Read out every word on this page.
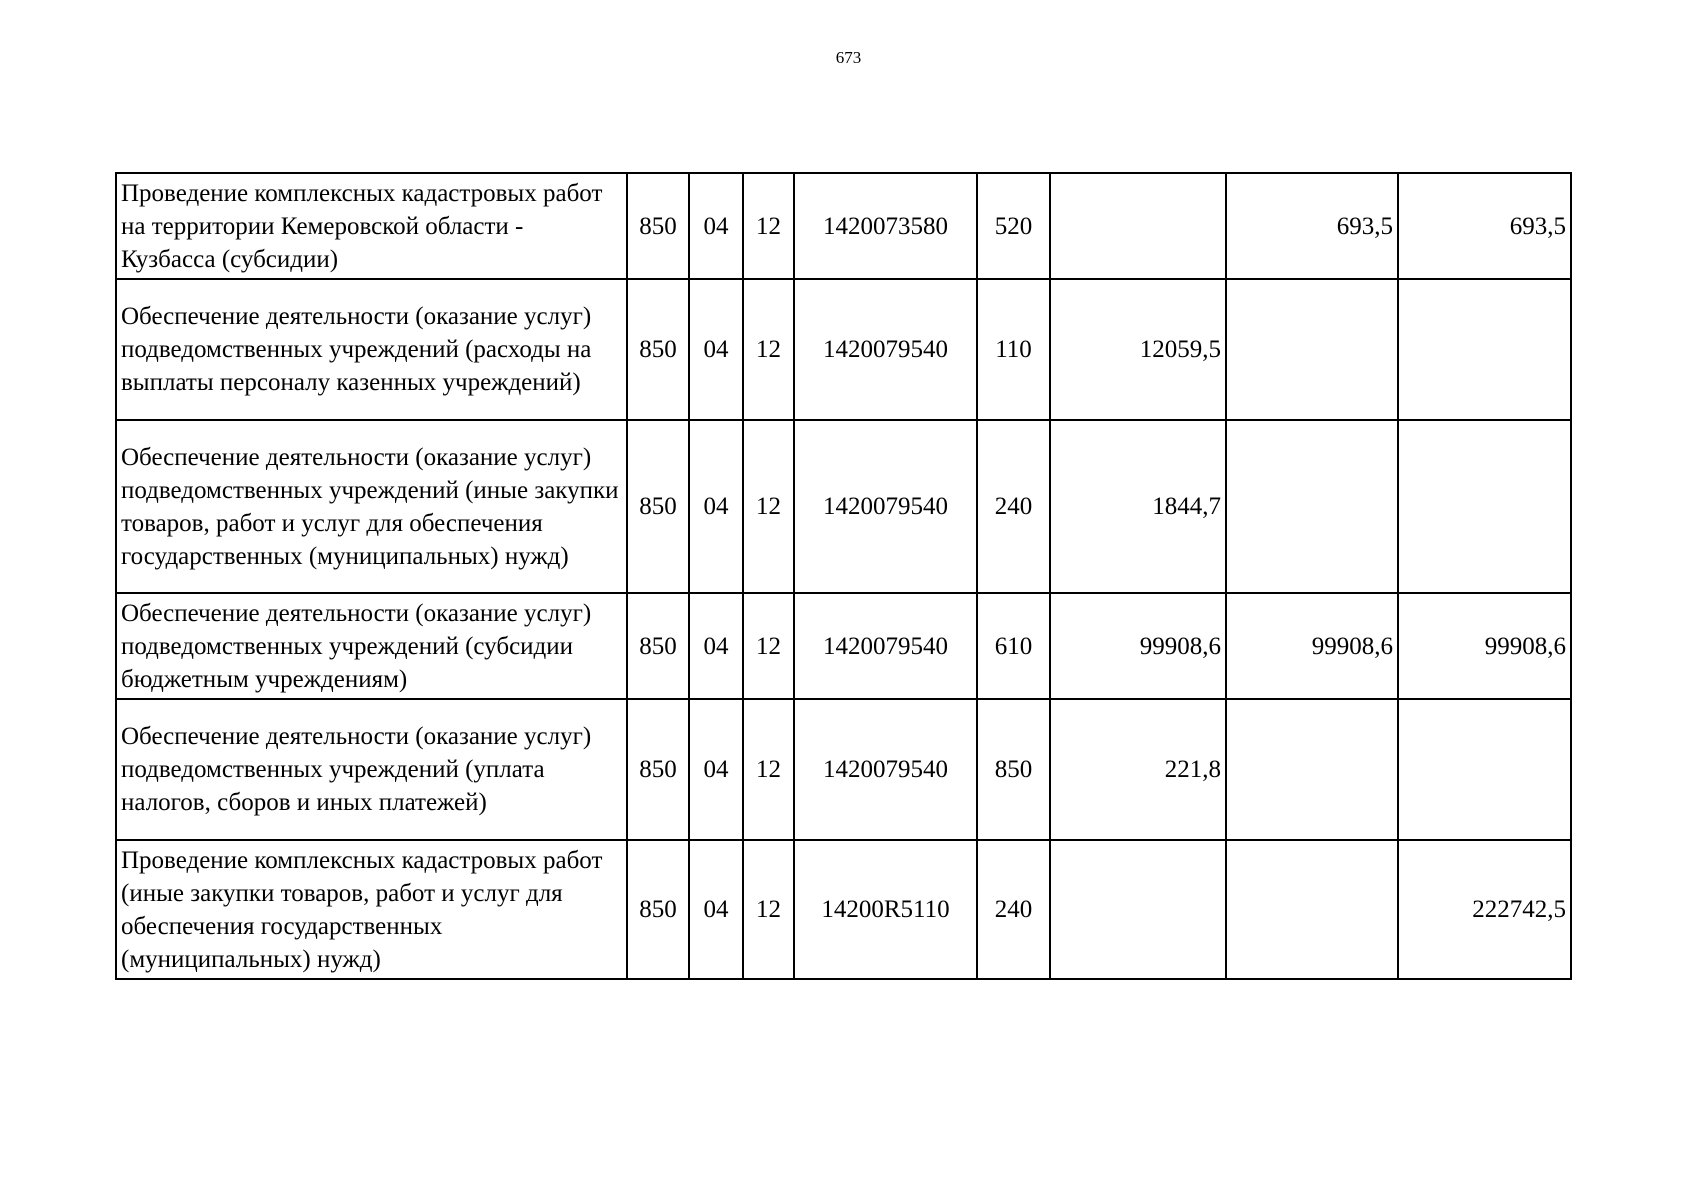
673
Проведение комплексных кадастровых работ на территории Кемеровской области - Кузбасса (субсидии)	850	04	12	1420073580	520		693,5	693,5
Обеспечение деятельности (оказание услуг) подведомственных учреждений (расходы на выплаты персоналу казенных учреждений)	850	04	12	1420079540	110	12059,5		
Обеспечение деятельности (оказание услуг) подведомственных учреждений (иные закупки товаров, работ и услуг для обеспечения государственных (муниципальных) нужд)	850	04	12	1420079540	240	1844,7		
Обеспечение деятельности (оказание услуг) подведомственных учреждений (субсидии бюджетным учреждениям)	850	04	12	1420079540	610	99908,6	99908,6	99908,6
Обеспечение деятельности (оказание услуг) подведомственных учреждений (уплата налогов, сборов и иных платежей)	850	04	12	1420079540	850	221,8		
Проведение комплексных кадастровых работ (иные закупки товаров, работ и услуг для обеспечения государственных (муниципальных) нужд)	850	04	12	14200R5110	240			222742,5
